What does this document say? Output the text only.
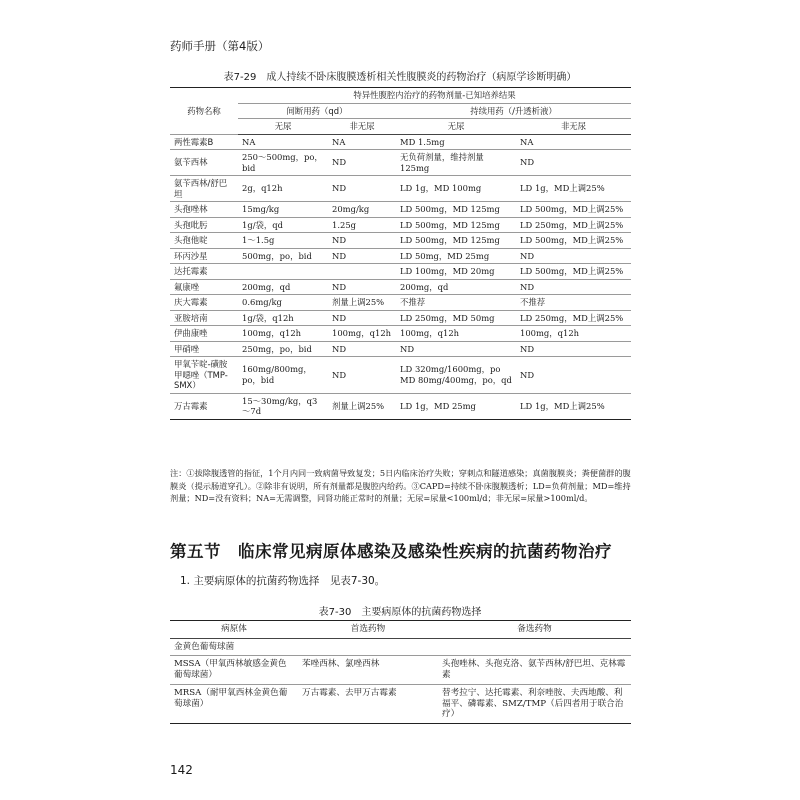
药师手册（第4版）
表7-29　成人持续不卧床腹膜透析相关性腹膜炎的药物治疗（病原学诊断明确）
药物名称	特异性腹腔内治疗的药物剂量-已知培养结果			
	间断用药（qd）		持续用药（/升透析液）	
	无尿	非无尿	无尿	非无尿
两性霉素B	NA	NA	MD 1.5mg	NA
氨苄西林	250～500mg，po，bid	ND	无负荷剂量，维持剂量125mg	ND
氨苄西林/舒巴坦	2g，q12h	ND	LD 1g，MD 100mg	LD 1g，MD上调25%
头孢唑林	15mg/kg	20mg/kg	LD 500mg，MD 125mg	LD 500mg，MD上调25%
头孢吡肟	1g/袋，qd	1.25g	LD 500mg，MD 125mg	LD 250mg，MD上调25%
头孢他啶	1～1.5g	ND	LD 500mg，MD 125mg	LD 500mg，MD上调25%
环丙沙星	500mg，po，bid	ND	LD 50mg，MD 25mg	ND
达托霉素			LD 100mg，MD 20mg	LD 500mg，MD上调25%
氟康唑	200mg，qd	ND	200mg，qd	ND
庆大霉素	0.6mg/kg	剂量上调25%	不推荐	不推荐
亚胺培南	1g/袋，q12h	ND	LD 250mg，MD 50mg	LD 250mg，MD上调25%
伊曲康唑	100mg，q12h	100mg，q12h	100mg，q12h	100mg，q12h
甲硝唑	250mg，po，bid	ND	ND	ND
甲氧苄啶-磺胺甲噁唑（TMP-SMX）	160mg/800mg，po，bid	ND	LD 320mg/1600mg，po MD 80mg/400mg，po，qd	ND
万古霉素	15～30mg/kg，q3～7d	剂量上调25%	LD 1g，MD 25mg	LD 1g，MD上调25%
注：①拔除腹透管的指征，1个月内同一致病菌导致复发；5日内临床治疗失败；穿刺点和隧道感染；真菌腹膜炎；粪便菌群的腹膜炎（提示肠道穿孔）。②除非有说明，所有剂量都是腹腔内给药。③CAPD=持续不卧床腹膜透析；LD=负荷剂量；MD=维持剂量；ND=没有资料；NA=无需调整，同肾功能正常时的剂量；无尿=尿量<100ml/d；非无尿=尿量>100ml/d。
第五节　临床常见病原体感染及感染性疾病的抗菌药物治疗
1. 主要病原体的抗菌药物选择　见表7-30。
表7-30　主要病原体的抗菌药物选择
病原体	首选药物	备选药物
金黄色葡萄球菌		
MSSA（甲氧西林敏感金黄色葡萄球菌）	苯唑西林、氯唑西林	头孢唑林、头孢克洛、氨苄西林/舒巴坦、克林霉素
MRSA（耐甲氧西林金黄色葡萄球菌）	万古霉素、去甲万古霉素	替考拉宁、达托霉素、利奈唑胺、夫西地酸、利福平、磷霉素、SMZ/TMP（后四者用于联合治疗）
142
